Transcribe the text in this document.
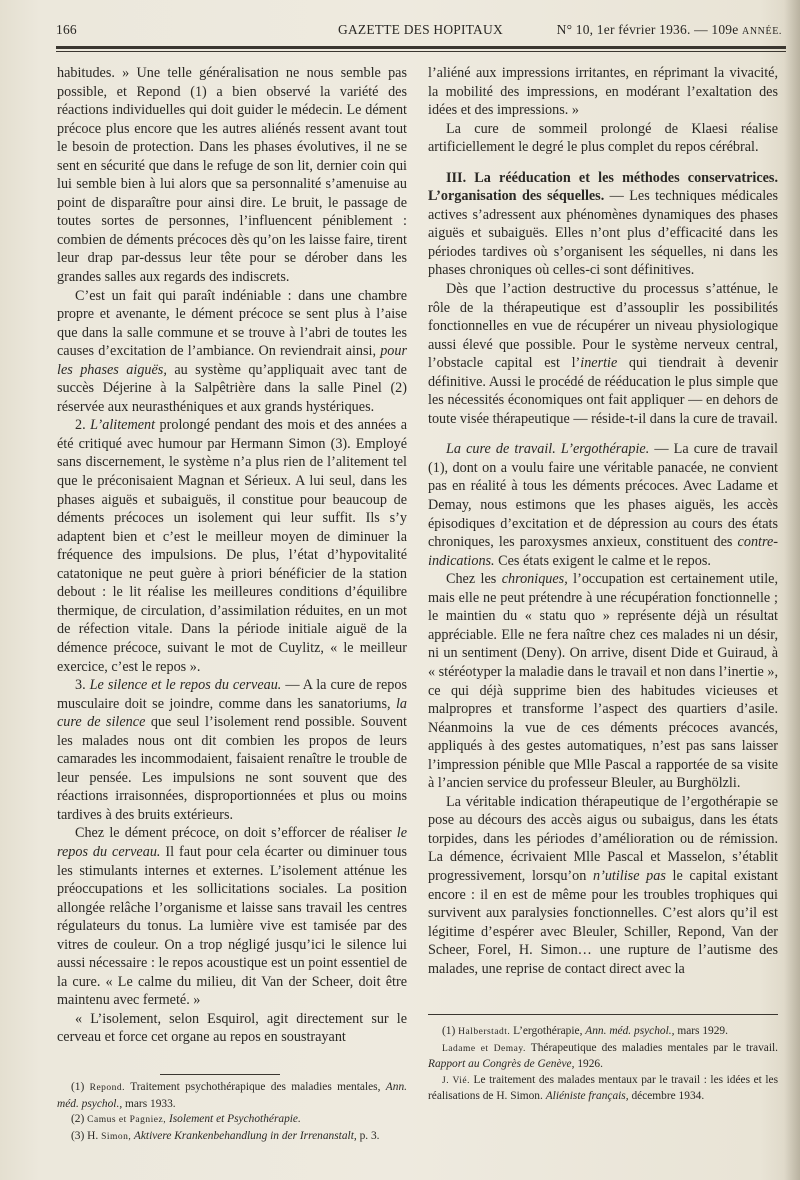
166	GAZETTE DES HOPITAUX	N° 10, 1er février 1936. — 109e ANNÉE.

habitudes. » Une telle généralisation ne nous semble pas possible, et Repond (1) a bien observé la variété des réactions individuelles qui doit guider le médecin. Le dément précoce plus encore que les autres aliénés ressent avant tout le besoin de protection. Dans les phases évolutives, il ne se sent en sécurité que dans le refuge de son lit, dernier coin qui lui semble bien à lui alors que sa personnalité s’amenuise au point de disparaître pour ainsi dire. Le bruit, le passage de toutes sortes de personnes, l’influencent péniblement : combien de déments précoces dès qu’on les laisse faire, tirent leur drap par-dessus leur tête pour se dérober dans les grandes salles aux regards des indiscrets.

C’est un fait qui paraît indéniable : dans une chambre propre et avenante, le dément précoce se sent plus à l’aise que dans la salle commune et se trouve à l’abri de toutes les causes d’excitation de l’ambiance. On reviendrait ainsi, pour les phases aiguës, au système qu’appliquait avec tant de succès Déjerine à la Salpêtrière dans la salle Pinel (2) réservée aux neurasthéniques et aux grands hystériques.

2. L’alitement prolongé pendant des mois et des années a été critiqué avec humour par Hermann Simon (3). Employé sans discernement, le système n’a plus rien de l’alitement tel que le préconisaient Magnan et Sérieux. A lui seul, dans les phases aiguës et subaiguës, il constitue pour beaucoup de déments précoces un isolement qui leur suffit. Ils s’y adaptent bien et c’est le meilleur moyen de diminuer la fréquence des impulsions. De plus, l’état d’hypovitalité catatonique ne peut guère à priori bénéficier de la station debout : le lit réalise les meilleures conditions d’équilibre thermique, de circulation, d’assimilation réduites, en un mot de réfection vitale. Dans la période initiale aiguë de la démence précoce, suivant le mot de Cuylitz, « le meilleur exercice, c’est le repos ».

3. Le silence et le repos du cerveau. — A la cure de repos musculaire doit se joindre, comme dans les sanatoriums, la cure de silence que seul l’isolement rend possible. Souvent les malades nous ont dit combien les propos de leurs camarades les incommodaient, faisaient renaître le trouble de leur pensée. Les impulsions ne sont souvent que des réactions irraisonnées, disproportionnées et plus ou moins tardives à des bruits extérieurs.

Chez le dément précoce, on doit s’efforcer de réaliser le repos du cerveau. Il faut pour cela écarter ou diminuer tous les stimulants internes et externes. L’isolement atténue les préoccupations et les sollicitations sociales. La position allongée relâche l’organisme et laisse sans travail les centres régulateurs du tonus. La lumière vive est tamisée par des vitres de couleur. On a trop négligé jusqu’ici le silence lui aussi nécessaire : le repos acoustique est un point essentiel de la cure. « Le calme du milieu, dit Van der Scheer, doit être maintenu avec fermeté. »

« L’isolement, selon Esquirol, agit directement sur le cerveau et force cet organe au repos en soustrayant

(1) Repond. Traitement psychothérapique des maladies mentales, Ann. méd. psychol., mars 1933.

(2) Camus et Pagniez, Isolement et Psychothérapie.

(3) H. Simon, Aktivere Krankenbehandlung in der Irrenanstalt, p. 3.

l’aliéné aux impressions irritantes, en réprimant la vivacité, la mobilité des impressions, en modérant l’exaltation des idées et des impressions. »

La cure de sommeil prolongé de Klaesi réalise artificiellement le degré le plus complet du repos cérébral.

III. La rééducation et les méthodes conservatrices. L’organisation des séquelles. — Les techniques médicales actives s’adressent aux phénomènes dynamiques des phases aiguës et subaiguës. Elles n’ont plus d’efficacité dans les périodes tardives où s’organisent les séquelles, ni dans les phases chroniques où celles-ci sont définitives.

Dès que l’action destructive du processus s’atténue, le rôle de la thérapeutique est d’assouplir les possibilités fonctionnelles en vue de récupérer un niveau physiologique aussi élevé que possible. Pour le système nerveux central, l’obstacle capital est l’inertie qui tiendrait à devenir définitive. Aussi le procédé de rééducation le plus simple que les nécessités économiques ont fait appliquer — en dehors de toute visée thérapeutique — réside-t-il dans la cure de travail.

La cure de travail. L’ergothérapie. — La cure de travail (1), dont on a voulu faire une véritable panacée, ne convient pas en réalité à tous les déments précoces. Avec Ladame et Demay, nous estimons que les phases aiguës, les accès épisodiques d’excitation et de dépression au cours des états chroniques, les paroxysmes anxieux, constituent des contre-indications. Ces états exigent le calme et le repos.

Chez les chroniques, l’occupation est certainement utile, mais elle ne peut prétendre à une récupération fonctionnelle ; le maintien du « statu quo » représente déjà un résultat appréciable. Elle ne fera naître chez ces malades ni un désir, ni un sentiment (Deny). On arrive, disent Dide et Guiraud, à « stéréotyper la maladie dans le travail et non dans l’inertie », ce qui déjà supprime bien des habitudes vicieuses et malpropres et transforme l’aspect des quartiers d’asile. Néanmoins la vue de ces déments précoces avancés, appliqués à des gestes automatiques, n’est pas sans laisser l’impression pénible que Mlle Pascal a rapportée de sa visite à l’ancien service du professeur Bleuler, au Burghölzli.

La véritable indication thérapeutique de l’ergothérapie se pose au décours des accès aigus ou subaigus, dans les états torpides, dans les périodes d’amélioration ou de rémission. La démence, écrivaient Mlle Pascal et Masselon, s’établit progressivement, lorsqu’on n’utilise pas le capital existant encore : il en est de même pour les troubles trophiques qui survivent aux paralysies fonctionnelles. C’est alors qu’il est légitime d’espérer avec Bleuler, Schiller, Repond, Van der Scheer, Forel, H. Simon… une rupture de l’autisme des malades, une reprise de contact direct avec la

(1) Halberstadt. L’ergothérapie, Ann. méd. psychol., mars 1929.

Ladame et Demay. Thérapeutique des maladies mentales par le travail. Rapport au Congrès de Genève, 1926.

J. Vié. Le traitement des malades mentaux par le travail : les idées et les réalisations de H. Simon. Aliéniste français, décembre 1934.
